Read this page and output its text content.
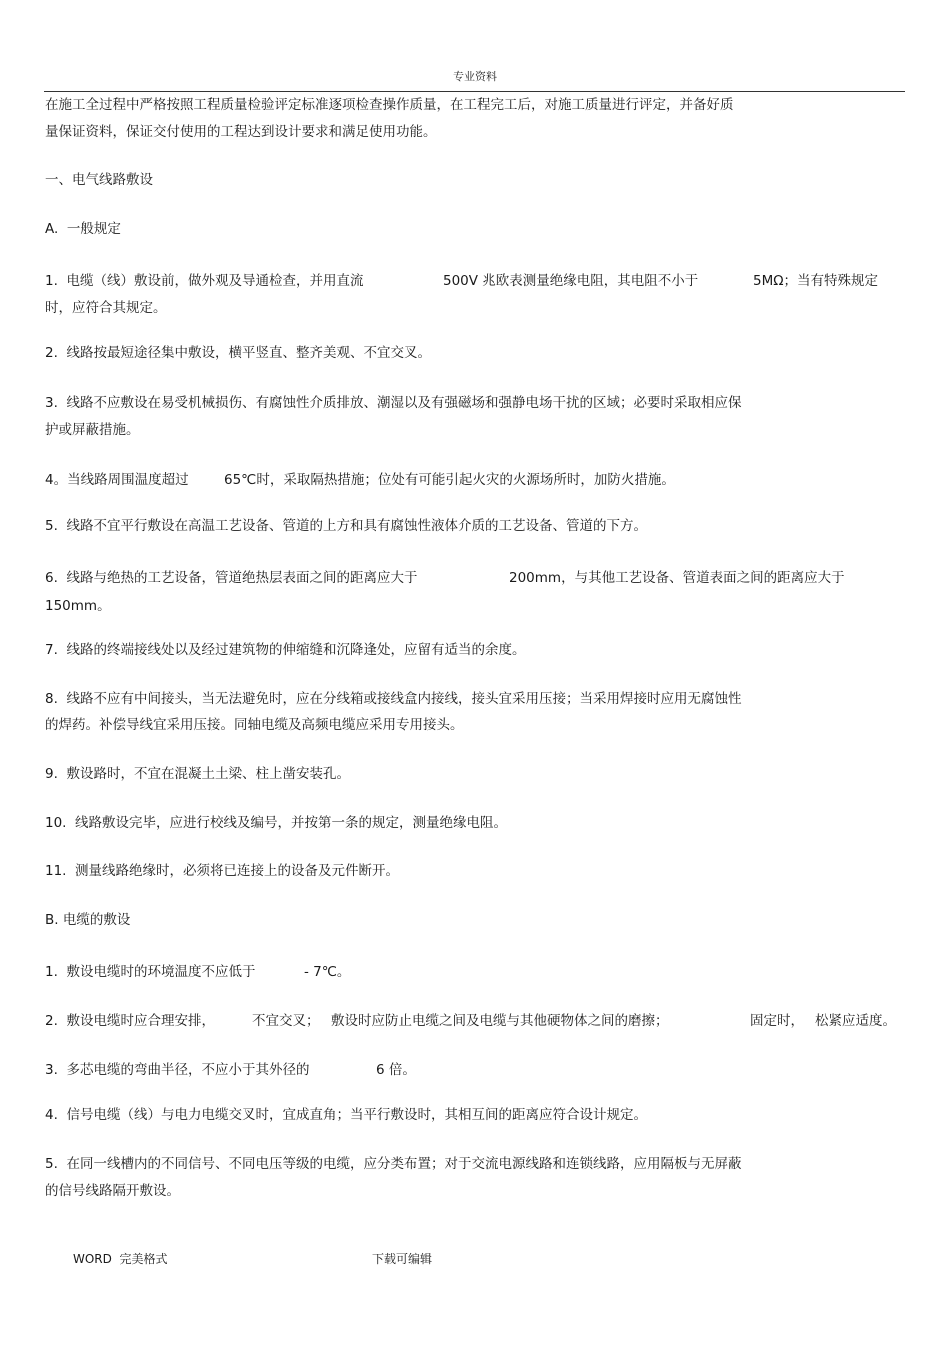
专业资料
在施工全过程中严格按照工程质量检验评定标准逐项检查操作质量，在工程完工后，对施工质量进行评定，并备好质
量保证资料，保证交付使用的工程达到设计要求和满足使用功能。
一、电气线路敷设
A.  一般规定
1.  电缆（线）敷设前，做外观及导通检查，并用直流	500V 兆欧表测量绝缘电阻，其电阻不小于	5MΩ；当有特殊规定
时，应符合其规定。
2.  线路按最短途径集中敷设，横平竖直、整齐美观、不宜交叉。
3.  线路不应敷设在易受机械损伤、有腐蚀性介质排放、潮湿以及有强磁场和强静电场干扰的区域；必要时采取相应保
护或屏蔽措施。
4。当线路周围温度超过	65℃时，采取隔热措施；位处有可能引起火灾的火源场所时，加防火措施。
5.  线路不宜平行敷设在高温工艺设备、管道的上方和具有腐蚀性液体介质的工艺设备、管道的下方。
6.  线路与绝热的工艺设备，管道绝热层表面之间的距离应大于	200mm，与其他工艺设备、管道表面之间的距离应大于
150mm。
7.  线路的终端接线处以及经过建筑物的伸缩缝和沉降逢处，应留有适当的余度。
8.  线路不应有中间接头，当无法避免时，应在分线箱或接线盒内接线，接头宜采用压接；当采用焊接时应用无腐蚀性
的焊药。补偿导线宜采用压接。同轴电缆及高频电缆应采用专用接头。
9.  敷设路时，不宜在混凝土土梁、柱上凿安装孔。
10.  线路敷设完毕，应进行校线及编号，并按第一条的规定，测量绝缘电阻。
11.  测量线路绝缘时，必须将已连接上的设备及元件断开。
B. 电缆的敷设
1.  敷设电缆时的环境温度不应低于	- 7℃。
2.  敷设电缆时应合理安排，	不宜交叉； 敷设时应防止电缆之间及电缆与其他硬物体之间的磨擦；	固定时， 松紧应适度。
3.  多芯电缆的弯曲半径，不应小于其外径的	6 倍。
4.  信号电缆（线）与电力电缆交叉时，宜成直角；当平行敷设时，其相互间的距离应符合设计规定。
5.  在同一线槽内的不同信号、不同电压等级的电缆，应分类布置；对于交流电源线路和连锁线路，应用隔板与无屏蔽
的信号线路隔开敷设。
WORD  完美格式	下载可编辑
